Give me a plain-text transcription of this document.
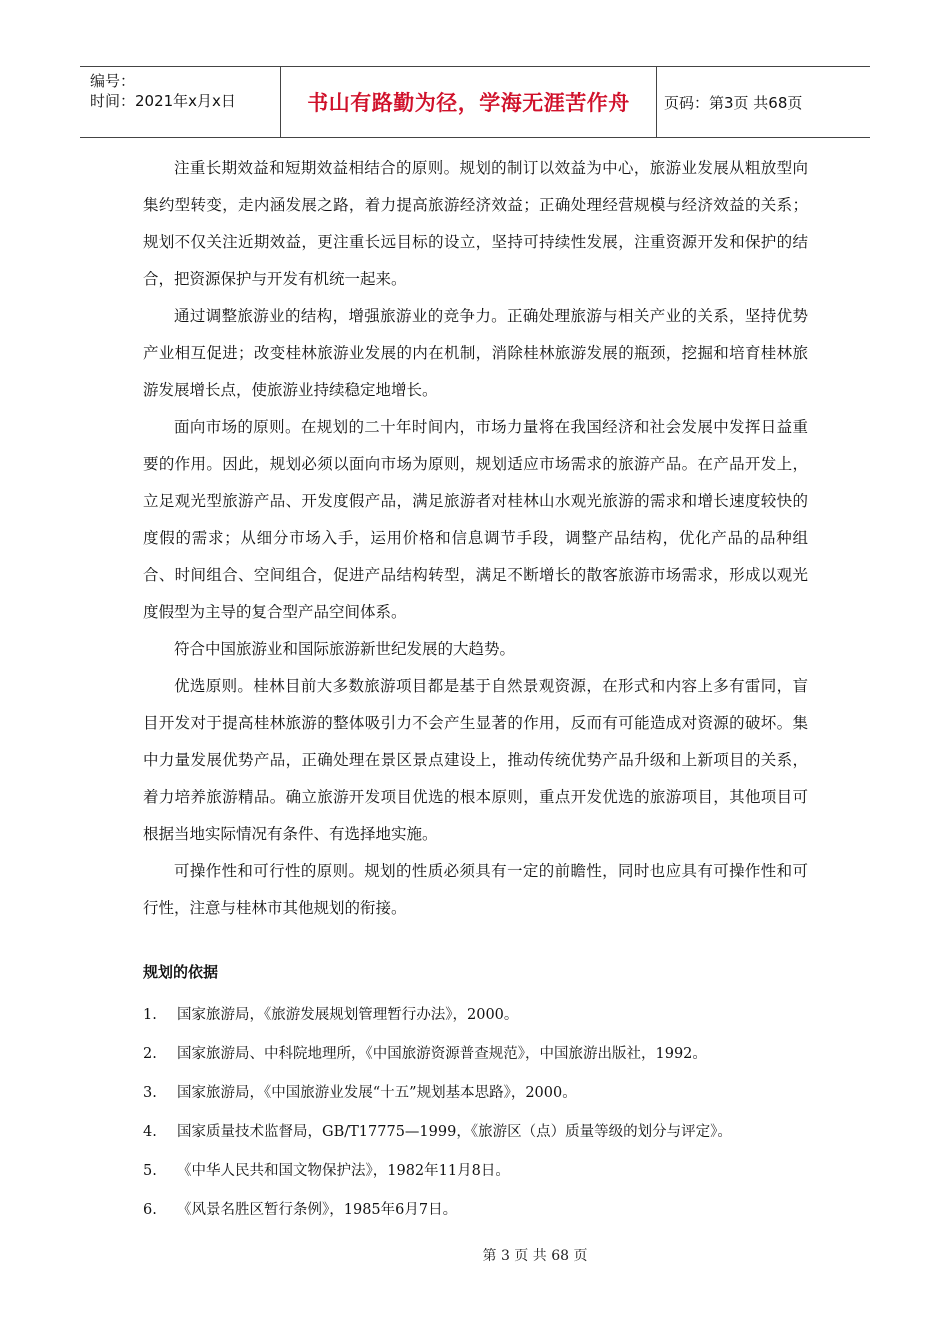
编号：
时间：2021年x月x日	书山有路勤为径，学海无涯苦作舟	页码：第3页 共68页

注重长期效益和短期效益相结合的原则。规划的制订以效益为中心，旅游业发展从粗放型向集约型转变，走内涵发展之路，着力提高旅游经济效益；正确处理经营规模与经济效益的关系；规划不仅关注近期效益，更注重长远目标的设立，坚持可持续性发展，注重资源开发和保护的结合，把资源保护与开发有机统一起来。

通过调整旅游业的结构，增强旅游业的竞争力。正确处理旅游与相关产业的关系，坚持优势产业相互促进；改变桂林旅游业发展的内在机制，消除桂林旅游发展的瓶颈，挖掘和培育桂林旅游发展增长点，使旅游业持续稳定地增长。

面向市场的原则。在规划的二十年时间内，市场力量将在我国经济和社会发展中发挥日益重要的作用。因此，规划必须以面向市场为原则，规划适应市场需求的旅游产品。在产品开发上，立足观光型旅游产品、开发度假产品，满足旅游者对桂林山水观光旅游的需求和增长速度较快的度假的需求；从细分市场入手，运用价格和信息调节手段，调整产品结构，优化产品的品种组合、时间组合、空间组合，促进产品结构转型，满足不断增长的散客旅游市场需求，形成以观光度假型为主导的复合型产品空间体系。

符合中国旅游业和国际旅游新世纪发展的大趋势。

优选原则。桂林目前大多数旅游项目都是基于自然景观资源，在形式和内容上多有雷同，盲目开发对于提高桂林旅游的整体吸引力不会产生显著的作用，反而有可能造成对资源的破坏。集中力量发展优势产品，正确处理在景区景点建设上，推动传统优势产品升级和上新项目的关系，着力培养旅游精品。确立旅游开发项目优选的根本原则，重点开发优选的旅游项目，其他项目可根据当地实际情况有条件、有选择地实施。

可操作性和可行性的原则。规划的性质必须具有一定的前瞻性，同时也应具有可操作性和可行性，注意与桂林市其他规划的衔接。

规划的依据
1.	国家旅游局，《旅游发展规划管理暂行办法》，2000。
2.	国家旅游局、中科院地理所，《中国旅游资源普查规范》，中国旅游出版社，1992。
3.	国家旅游局，《中国旅游业发展“十五”规划基本思路》，2000。
4.	国家质量技术监督局，GB/T17775—1999，《旅游区（点）质量等级的划分与评定》。
5.	《中华人民共和国文物保护法》，1982年11月8日。
6.	《风景名胜区暂行条例》，1985年6月7日。
第 3 页 共 68 页
